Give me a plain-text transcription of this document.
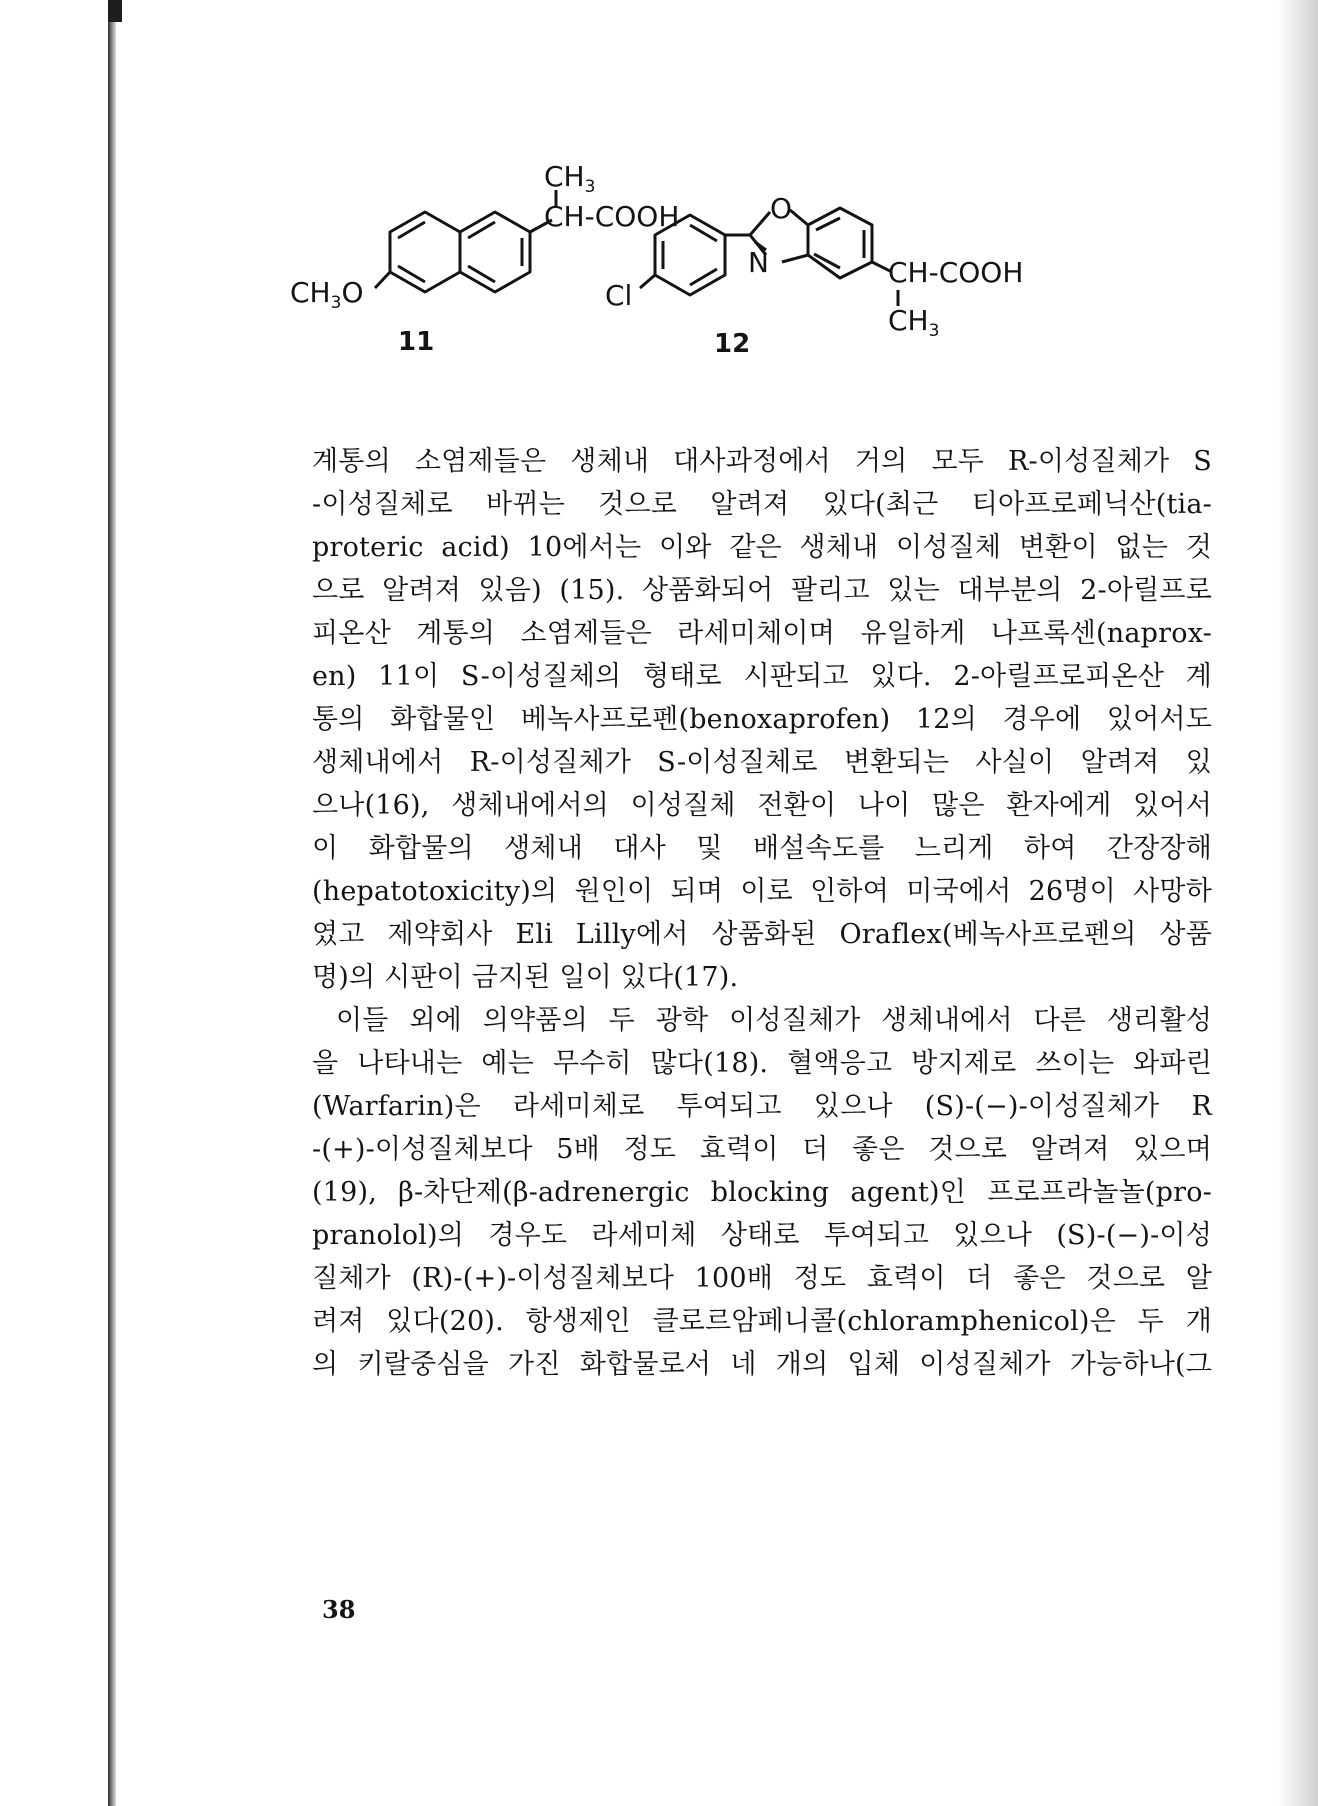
$CH_3$
CH-COOH
$CH_3O$
11
Cl
O
N	CH-COOH
$CH_3$
12
계통의 소염제들은 생체내 대사과정에서 거의 모두 R-이성질체가 S
-이성질체로 바뀌는 것으로 알려져 있다(최근 티아프로페닉산(tia-
proteric acid) 10에서는 이와 같은 생체내 이성질체 변환이 없는 것
으로 알려져 있음) (15). 상품화되어 팔리고 있는 대부분의 2-아릴프로
피온산 계통의 소염제들은 라세미체이며 유일하게 나프록센(naprox-
en) 11이 S-이성질체의 형태로 시판되고 있다. 2-아릴프로피온산 계
통의 화합물인 베녹사프로펜(benoxaprofen) 12의 경우에 있어서도
생체내에서 R-이성질체가 S-이성질체로 변환되는 사실이 알려져 있
으나(16), 생체내에서의 이성질체 전환이 나이 많은 환자에게 있어서
이 화합물의 생체내 대사 및 배설속도를 느리게 하여 간장장해
(hepatotoxicity)의 원인이 되며 이로 인하여 미국에서 26명이 사망하
였고 제약회사 Eli Lilly에서 상품화된 Oraflex(베녹사프로펜의 상품
명)의 시판이 금지된 일이 있다(17).
이들 외에 의약품의 두 광학 이성질체가 생체내에서 다른 생리활성
을 나타내는 예는 무수히 많다(18). 혈액응고 방지제로 쓰이는 와파린
(Warfarin)은 라세미체로 투여되고 있으나 (S)-(−)-이성질체가 R
-(+)-이성질체보다 5배 정도 효력이 더 좋은 것으로 알려져 있으며
(19), β-차단제(β-adrenergic blocking agent)인 프로프라놀놀(pro-
pranolol)의 경우도 라세미체 상태로 투여되고 있으나 (S)-(−)-이성
질체가 (R)-(+)-이성질체보다 100배 정도 효력이 더 좋은 것으로 알
려져 있다(20). 항생제인 클로르암페니콜(chloramphenicol)은 두 개
의 키랄중심을 가진 화합물로서 네 개의 입체 이성질체가 가능하나(그
38
